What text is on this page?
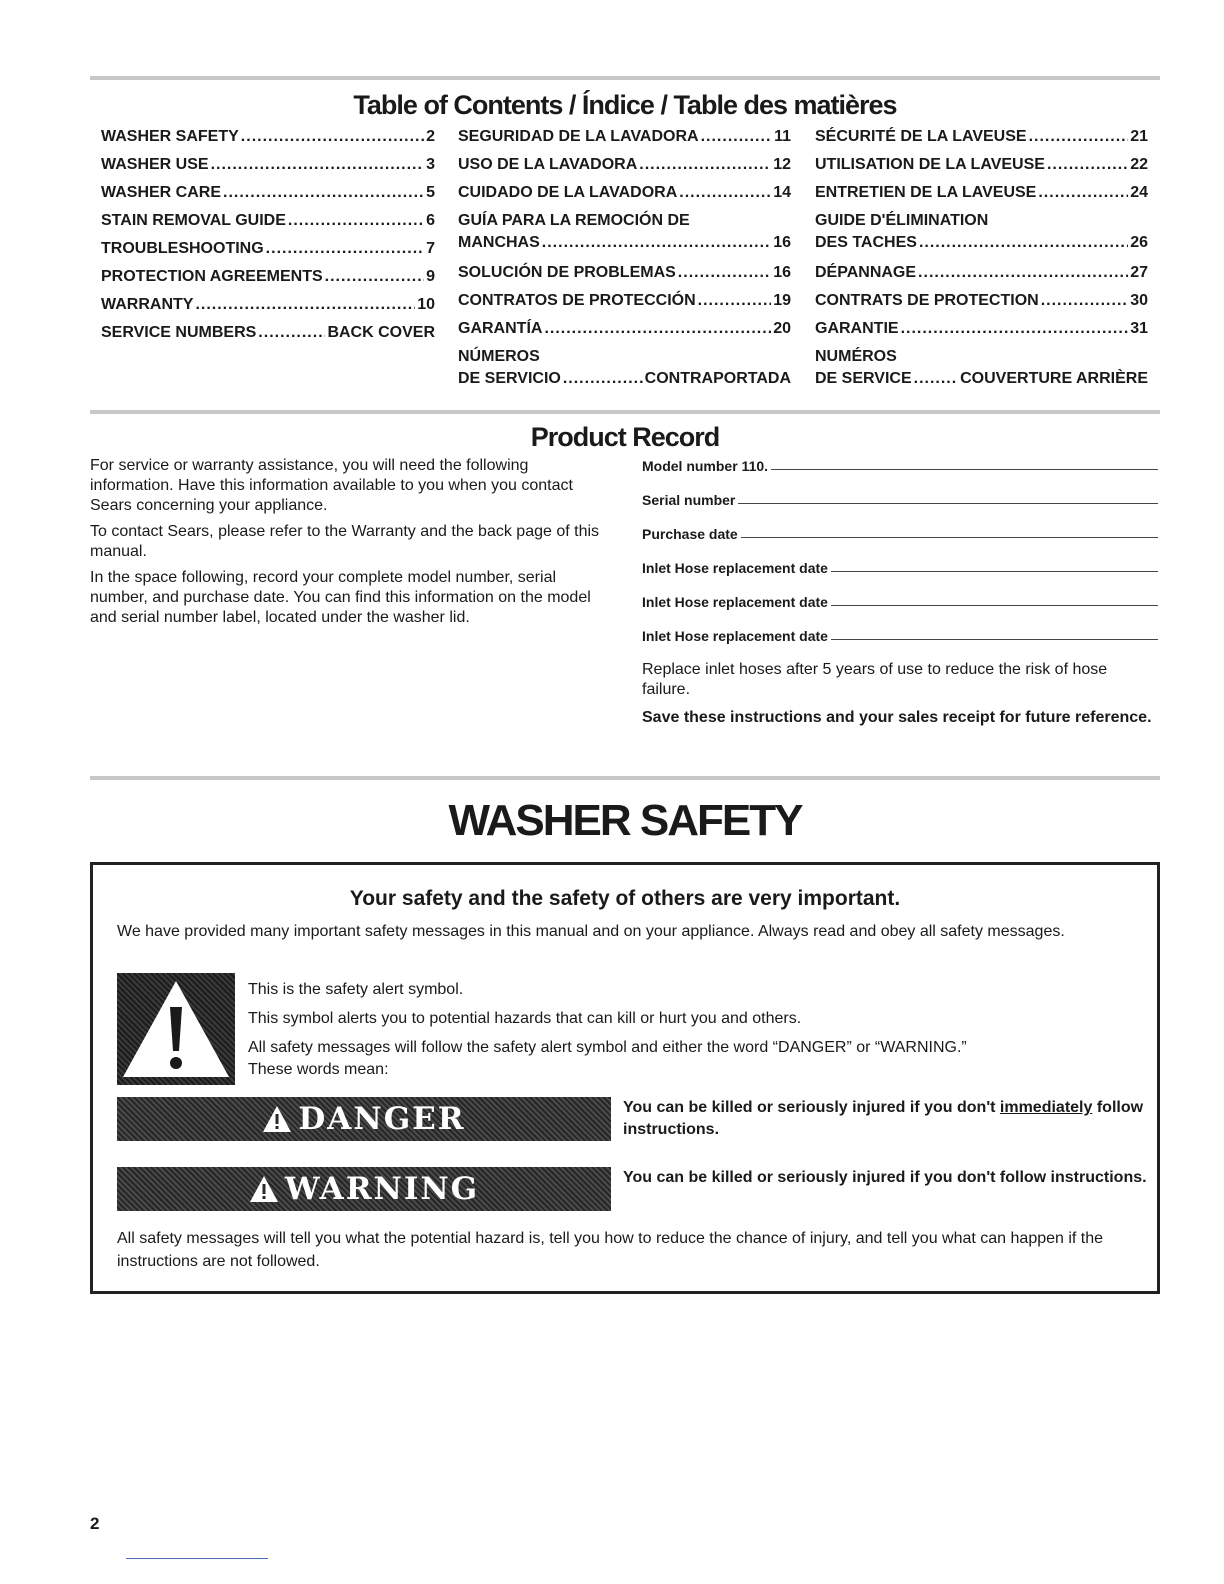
Table of Contents / Índice / Table des matières
WASHER SAFETY .....	2
WASHER USE .....	3
WASHER CARE .....	5
STAIN REMOVAL GUIDE .....	6
TROUBLESHOOTING .....	7
PROTECTION AGREEMENTS .....	9
WARRANTY .....	10
SERVICE NUMBERS .....	BACK COVER
SEGURIDAD DE LA LAVADORA .....	11
USO DE LA LAVADORA .....	12
CUIDADO DE LA LAVADORA .....	14
GUÍA PARA LA REMOCIÓN DE
MANCHAS .....	16
SOLUCIÓN DE PROBLEMAS .....	16
CONTRATOS DE PROTECCIÓN .....	19
GARANTÍA .....	20
NÚMEROS
DE SERVICIO .....	CONTRAPORTADA
SÉCURITÉ DE LA LAVEUSE .....	21
UTILISATION DE LA LAVEUSE .....	22
ENTRETIEN DE LA LAVEUSE .....	24
GUIDE D'ÉLIMINATION
DES TACHES .....	26
DÉPANNAGE .....	27
CONTRATS DE PROTECTION .....	30
GARANTIE .....	31
NUMÉROS
DE SERVICE .....	COUVERTURE ARRIÈRE
Product Record

For service or warranty assistance, you will need the following information. Have this information available to you when you contact Sears concerning your appliance.

To contact Sears, please refer to the Warranty and the back page of this manual.

In the space following, record your complete model number, serial number, and purchase date. You can find this information on the model and serial number label, located under the washer lid.

Model number 110.
Serial number
Purchase date
Inlet Hose replacement date
Inlet Hose replacement date
Inlet Hose replacement date

Replace inlet hoses after 5 years of use to reduce the risk of hose failure.

Save these instructions and your sales receipt for future reference.

WASHER SAFETY
Your safety and the safety of others are very important.

We have provided many important safety messages in this manual and on your appliance. Always read and obey all safety messages.

This is the safety alert symbol.

This symbol alerts you to potential hazards that can kill or hurt you and others.

All safety messages will follow the safety alert symbol and either the word “DANGER” or “WARNING.”

These words mean:

DANGER	You can be killed or seriously injured if you don't immediately follow instructions.

WARNING	You can be killed or seriously injured if you don't follow instructions.

All safety messages will tell you what the potential hazard is, tell you how to reduce the chance of injury, and tell you what can happen if the instructions are not followed.

2
